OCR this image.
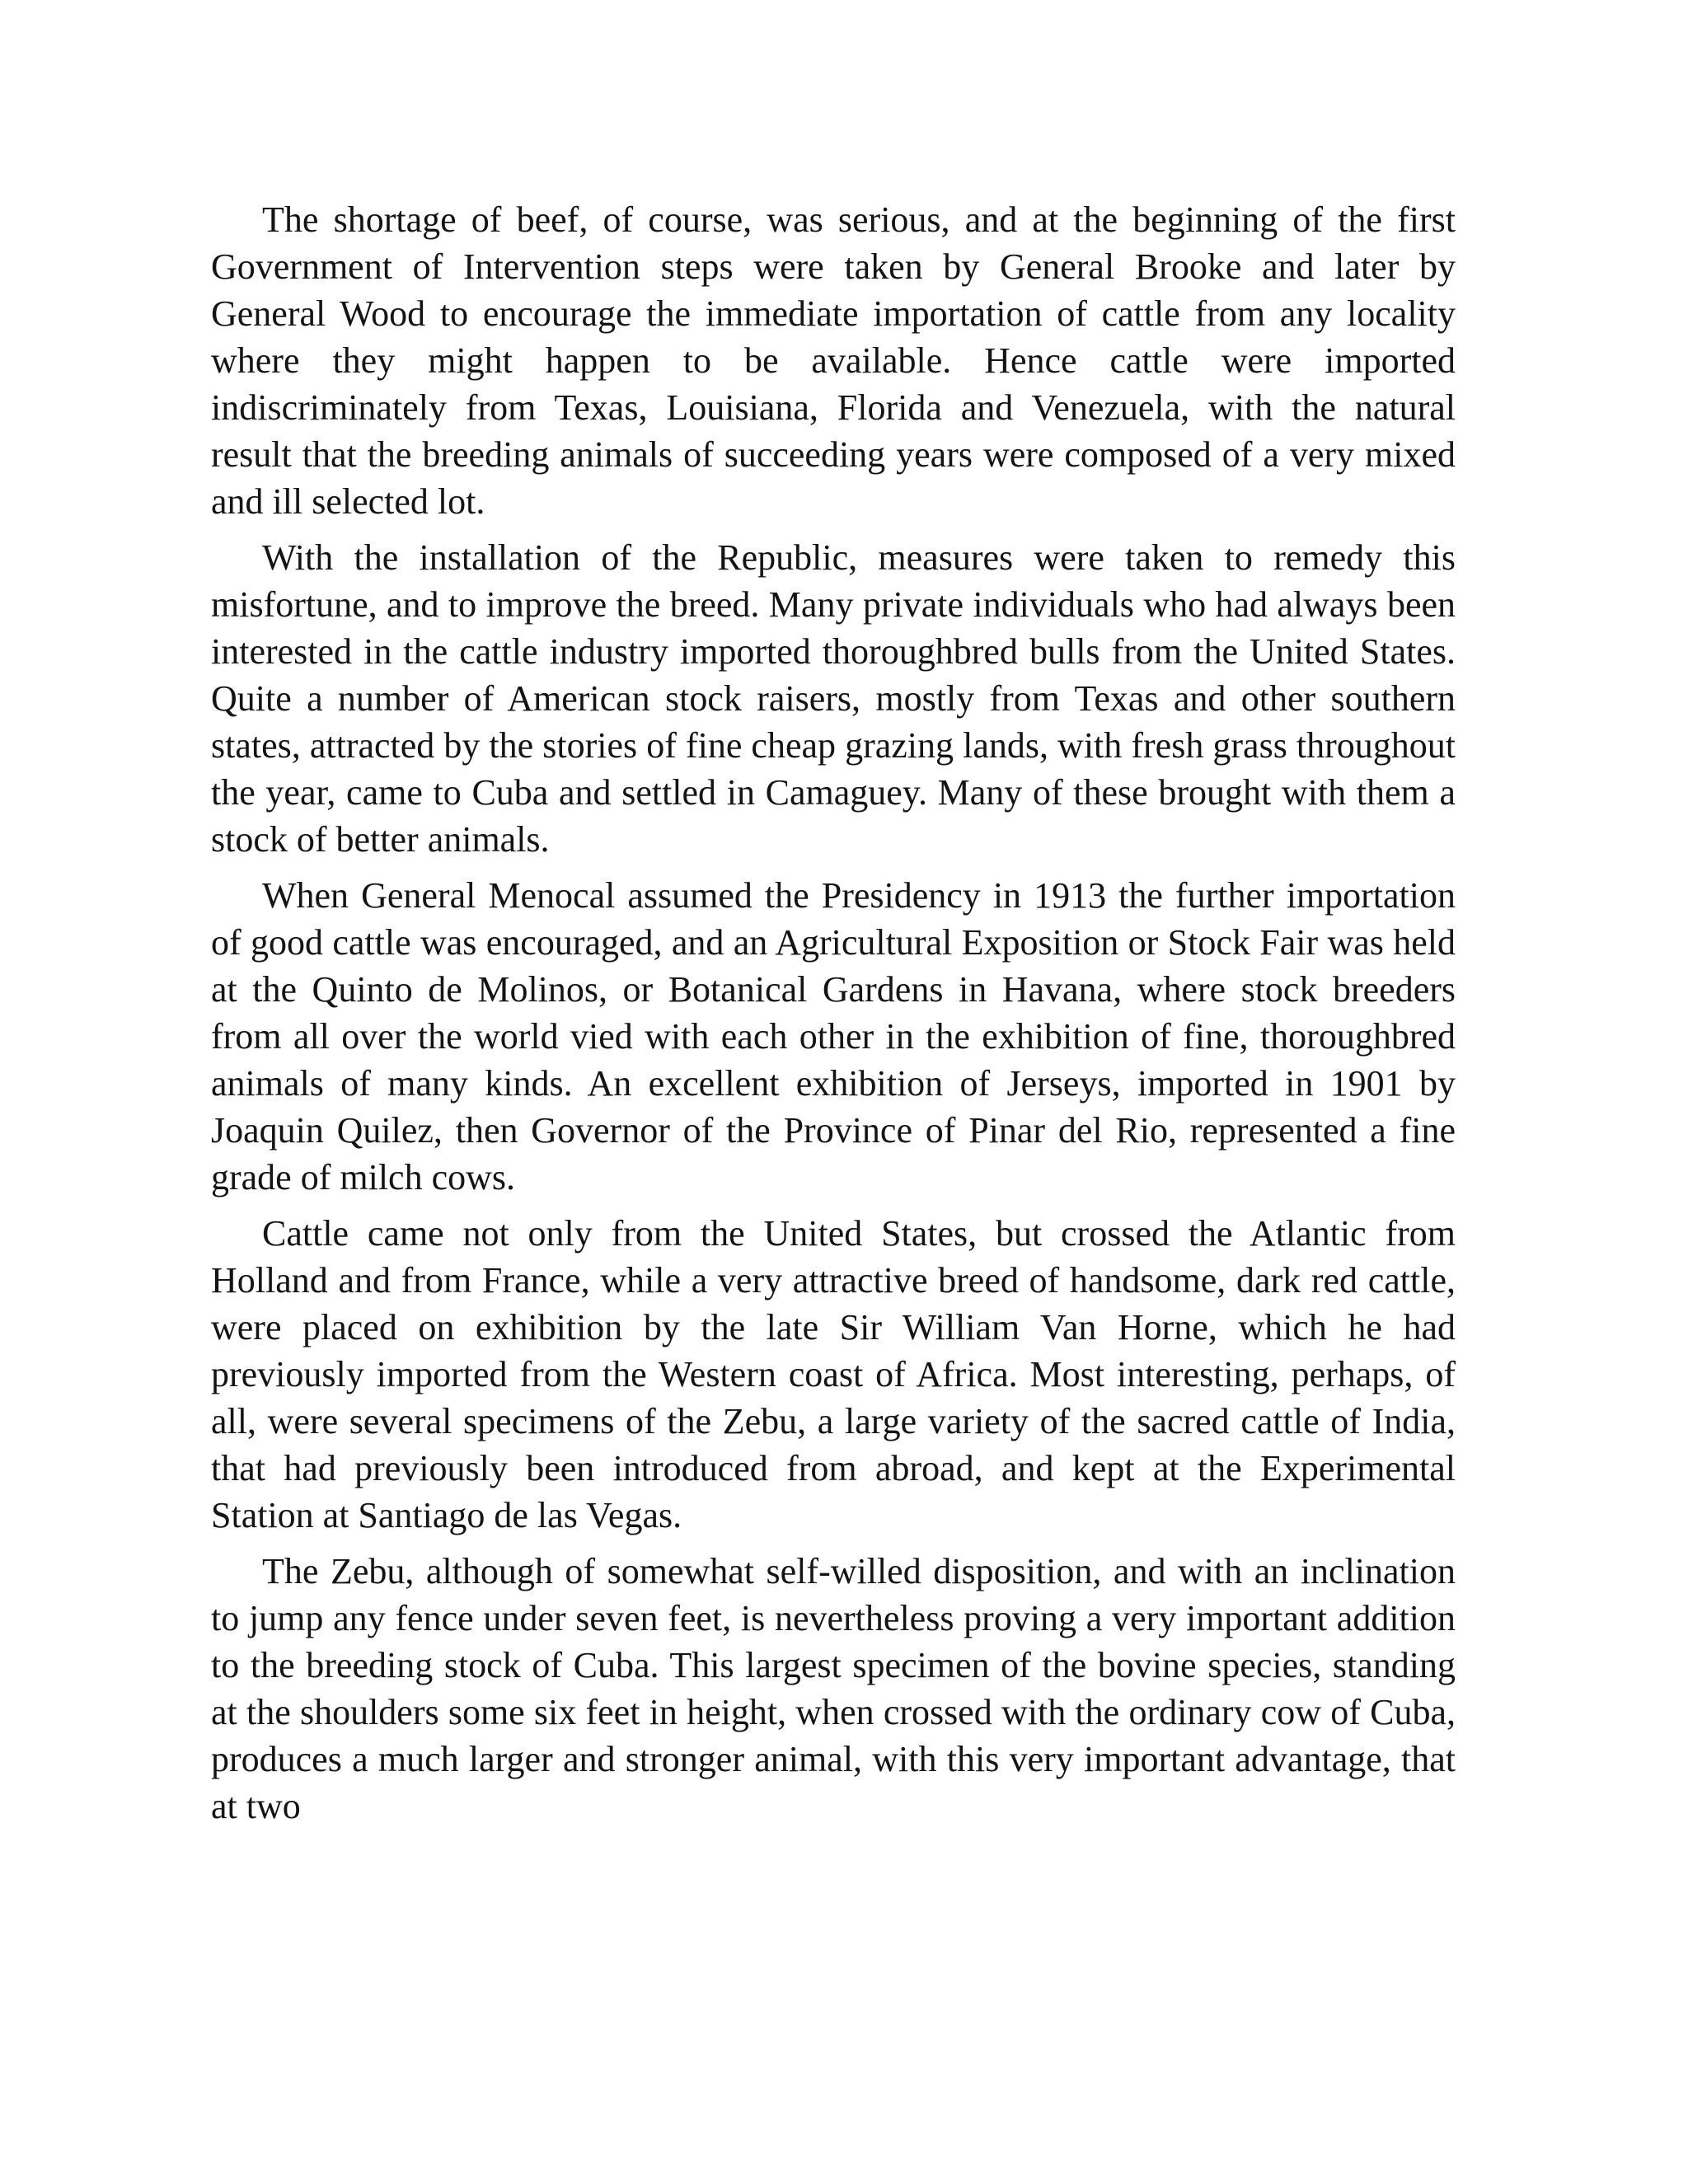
The shortage of beef, of course, was serious, and at the beginning of the first Government of Intervention steps were taken by General Brooke and later by General Wood to encourage the immediate importation of cattle from any locality where they might happen to be available. Hence cattle were imported indiscriminately from Texas, Louisiana, Florida and Venezuela, with the natural result that the breeding animals of succeeding years were composed of a very mixed and ill selected lot.

With the installation of the Republic, measures were taken to remedy this misfortune, and to improve the breed. Many private individuals who had always been interested in the cattle industry imported thoroughbred bulls from the United States. Quite a number of American stock raisers, mostly from Texas and other southern states, attracted by the stories of fine cheap grazing lands, with fresh grass throughout the year, came to Cuba and settled in Camaguey. Many of these brought with them a stock of better animals.

When General Menocal assumed the Presidency in 1913 the further importation of good cattle was encouraged, and an Agricultural Exposition or Stock Fair was held at the Quinto de Molinos, or Botanical Gardens in Havana, where stock breeders from all over the world vied with each other in the exhibition of fine, thoroughbred animals of many kinds. An excellent exhibition of Jerseys, imported in 1901 by Joaquin Quilez, then Governor of the Province of Pinar del Rio, represented a fine grade of milch cows.

Cattle came not only from the United States, but crossed the Atlantic from Holland and from France, while a very attractive breed of handsome, dark red cattle, were placed on exhibition by the late Sir William Van Horne, which he had previously imported from the Western coast of Africa. Most interesting, perhaps, of all, were several specimens of the Zebu, a large variety of the sacred cattle of India, that had previously been introduced from abroad, and kept at the Experimental Station at Santiago de las Vegas.

The Zebu, although of somewhat self-willed disposition, and with an inclination to jump any fence under seven feet, is nevertheless proving a very important addition to the breeding stock of Cuba. This largest specimen of the bovine species, standing at the shoulders some six feet in height, when crossed with the ordinary cow of Cuba, produces a much larger and stronger animal, with this very important advantage, that at two
